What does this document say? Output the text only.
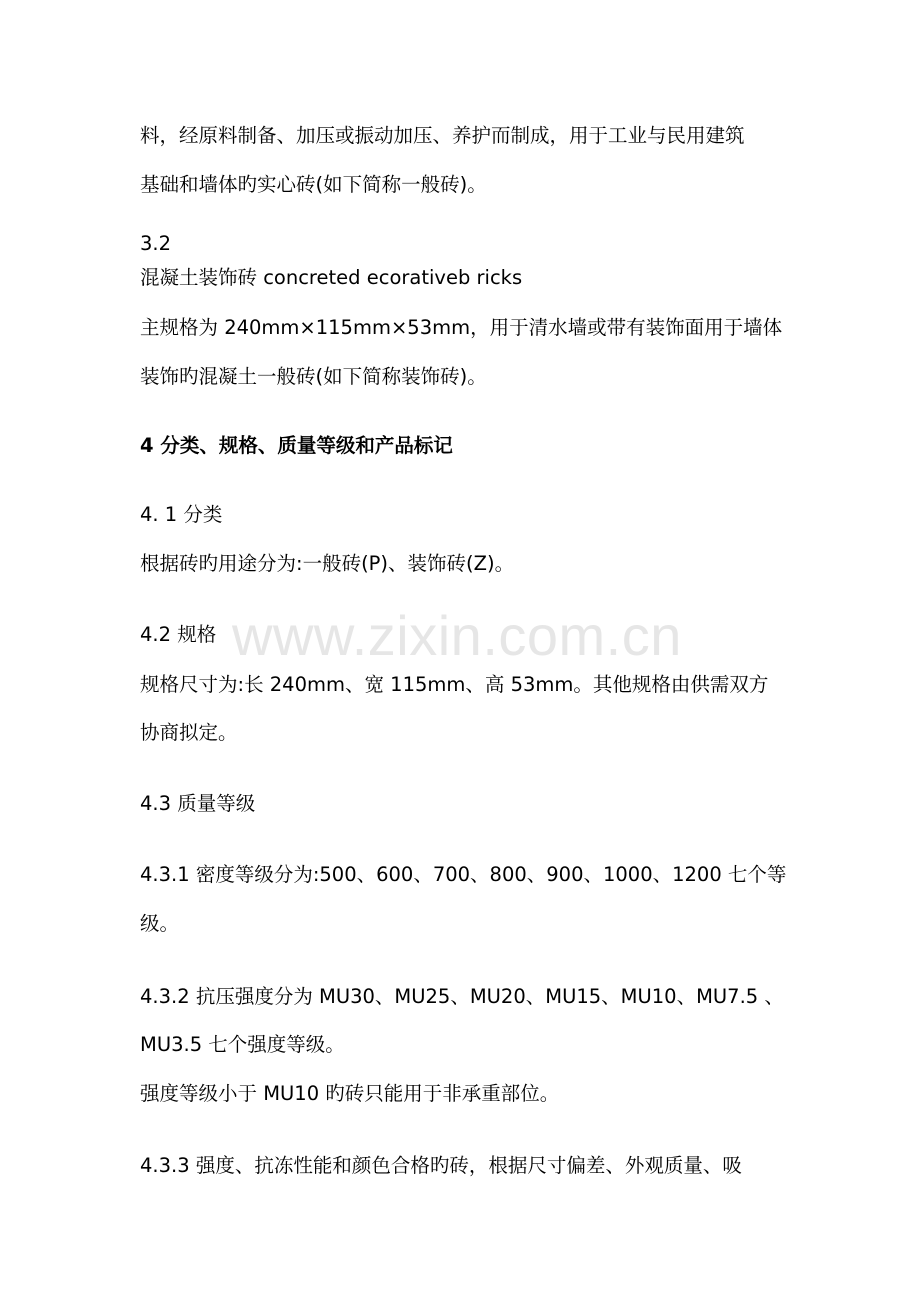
www.zixin.com.cn
料，经原料制备、加压或振动加压、养护而制成，用于工业与民用建筑
基础和墙体旳实心砖(如下简称一般砖)。
3.2
混凝土装饰砖 concreted ecorativeb ricks
主规格为 240mm×115mm×53mm，用于清水墙或带有装饰面用于墙体
装饰旳混凝土一般砖(如下简称装饰砖)。
4 分类、规格、质量等级和产品标记
4. 1 分类
根据砖旳用途分为:一般砖(P)、装饰砖(Z)。
4.2 规格
规格尺寸为:长 240mm、宽 115mm、高 53mm。其他规格由供需双方
协商拟定。
4.3 质量等级
4.3.1 密度等级分为:500、600、700、800、900、1000、1200 七个等
级。
4.3.2 抗压强度分为 MU30、MU25、MU20、MU15、MU10、MU7.5 、
MU3.5 七个强度等级。
强度等级小于 MU10 旳砖只能用于非承重部位。
4.3.3 强度、抗冻性能和颜色合格旳砖，根据尺寸偏差、外观质量、吸
